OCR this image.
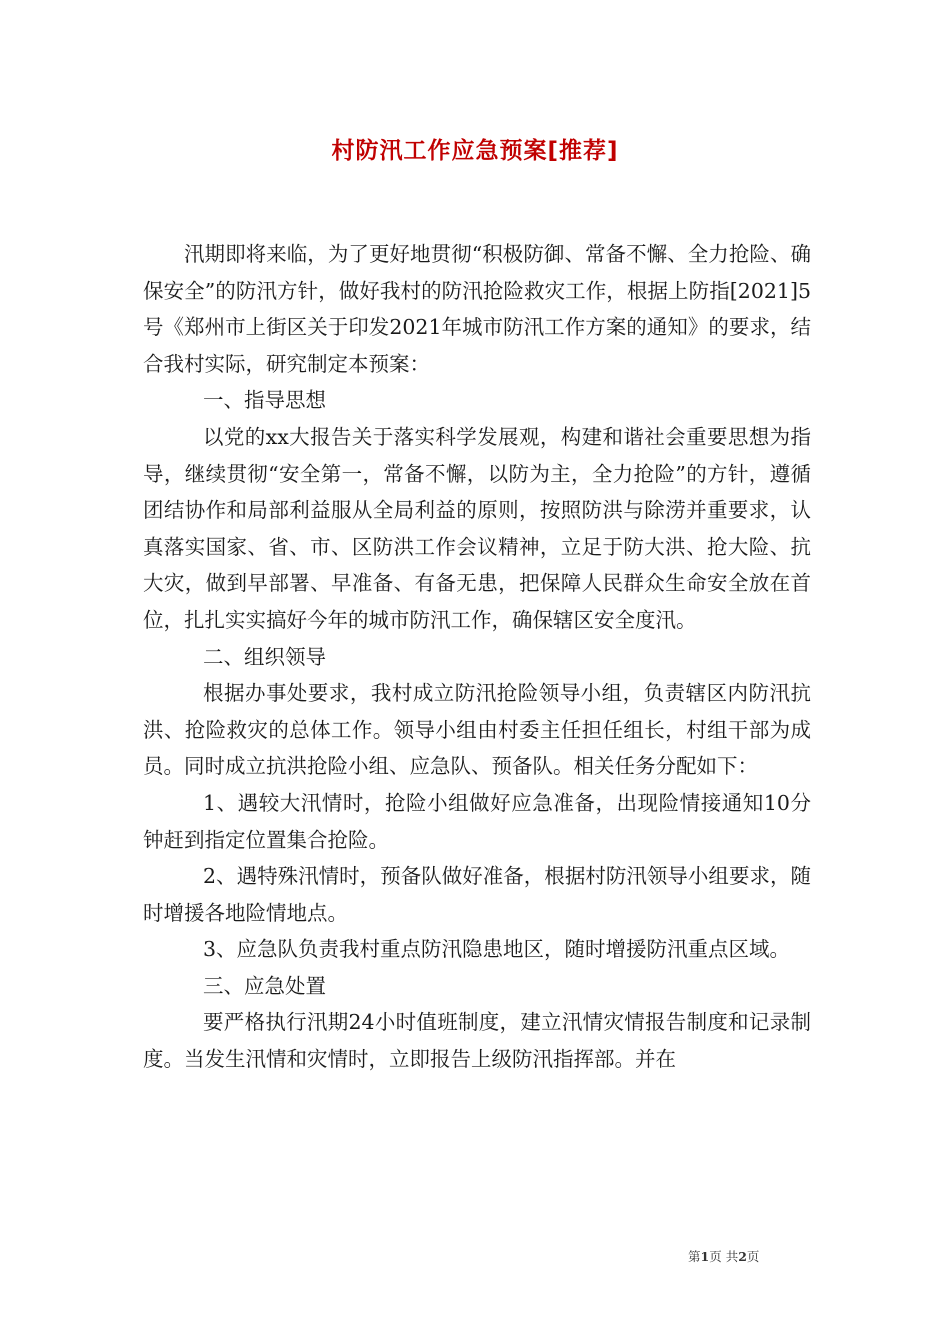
村防汛工作应急预案[推荐]

汛期即将来临，为了更好地贯彻“积极防御、常备不懈、全力抢险、确保安全”的防汛方针，做好我村的防汛抢险救灾工作，根据上防指[2021]5号《郑州市上街区关于印发2021年城市防汛工作方案的通知》的要求，结合我村实际，研究制定本预案：

一、指导思想

以党的xx大报告关于落实科学发展观，构建和谐社会重要思想为指导，继续贯彻“安全第一，常备不懈，以防为主，全力抢险”的方针，遵循团结协作和局部利益服从全局利益的原则，按照防洪与除涝并重要求，认真落实国家、省、市、区防洪工作会议精神，立足于防大洪、抢大险、抗大灾，做到早部署、早准备、有备无患，把保障人民群众生命安全放在首位，扎扎实实搞好今年的城市防汛工作，确保辖区安全度汛。

二、组织领导

根据办事处要求，我村成立防汛抢险领导小组，负责辖区内防汛抗洪、抢险救灾的总体工作。领导小组由村委主任担任组长，村组干部为成员。同时成立抗洪抢险小组、应急队、预备队。相关任务分配如下：

1、遇较大汛情时，抢险小组做好应急准备，出现险情接通知10分钟赶到指定位置集合抢险。

2、遇特殊汛情时，预备队做好准备，根据村防汛领导小组要求，随时增援各地险情地点。

3、应急队负责我村重点防汛隐患地区，随时增援防汛重点区域。

三、应急处置

要严格执行汛期24小时值班制度，建立汛情灾情报告制度和记录制度。当发生汛情和灾情时，立即报告上级防汛指挥部。并在

第1页 共2页
